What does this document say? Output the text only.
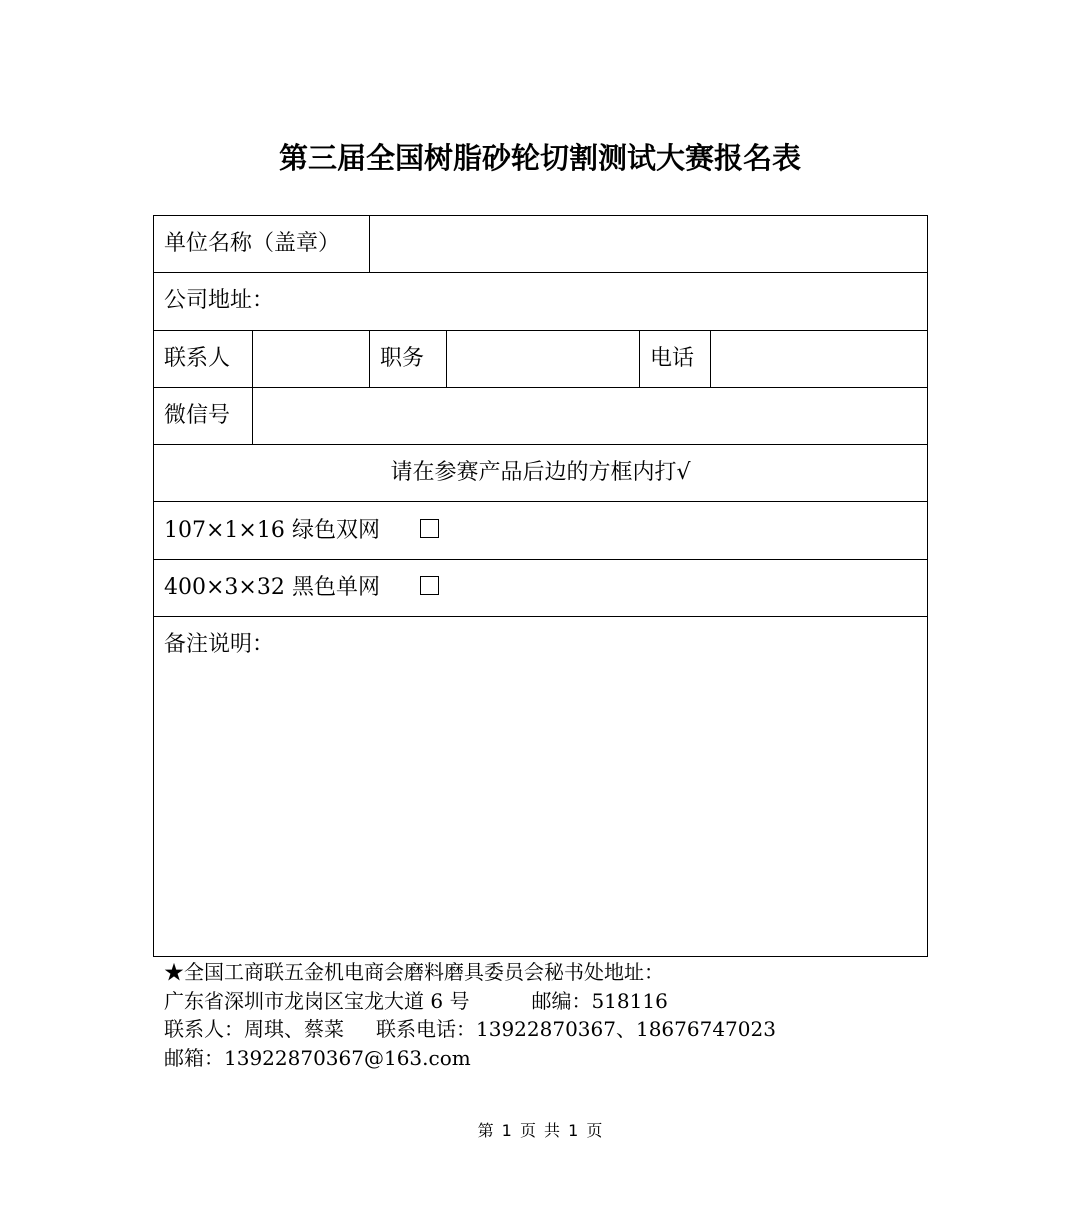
第三届全国树脂砂轮切割测试大赛报名表
单位名称（盖章）					
公司地址：					
联系人		职务		电话	
微信号					
请在参赛产品后边的方框内打√					
107×1×16 绿色双网					
400×3×32 黑色单网					
备注说明：					
★全国工商联五金机电商会磨料磨具委员会秘书处地址：
广东省深圳市龙岗区宝龙大道 6 号	邮编：518116
联系人：周琪、蔡菜 联系电话：13922870367、18676747023
邮箱：13922870367@163.com
第 1 页 共 1 页
